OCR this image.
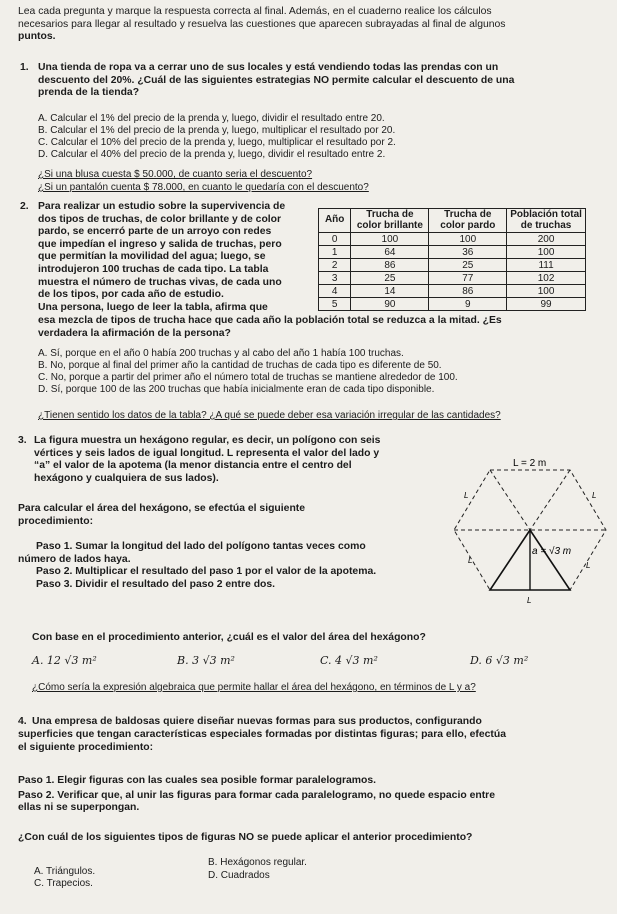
Lea cada pregunta y marque la respuesta correcta al final. Además, en el cuaderno realice los cálculos
necesarios para llegar al resultado y resuelva las cuestiones que aparecen subrayadas al final de algunos
puntos.
1. Una tienda de ropa va a cerrar uno de sus locales y está vendiendo todas las prendas con un
descuento del 20%. ¿Cuál de las siguientes estrategias NO permite calcular el descuento de una
prenda de la tienda?
A. Calcular el 1% del precio de la prenda y, luego, dividir el resultado entre 20.
B. Calcular el 1% del precio de la prenda y, luego, multiplicar el resultado por 20.
C. Calcular el 10% del precio de la prenda y, luego, multiplicar el resultado por 2.
D. Calcular el 40% del precio de la prenda y, luego, dividir el resultado entre 2.
¿Si una blusa cuesta $ 50.000, de cuanto seria el descuento?
¿Si un pantalón cuenta $ 78.000, en cuanto le quedaría con el descuento?
2. Para realizar un estudio sobre la supervivencia de
dos tipos de truchas, de color brillante y de color
pardo, se encerró parte de un arroyo con redes
que impedían el ingreso y salida de truchas, pero
que permitían la movilidad del agua; luego, se
introdujeron 100 truchas de cada tipo. La tabla
muestra el número de truchas vivas, de cada uno
de los tipos, por cada año de estudio.
Año	Trucha de color brillante	Trucha de color pardo	Población total de truchas
0	100	100	200
1	64	36	100
2	86	25	111
3	25	77	102
4	14	86	100
5	90	9	99
Una persona, luego de leer la tabla, afirma que
esa mezcla de tipos de trucha hace que cada año la población total se reduzca a la mitad. ¿Es
verdadera la afirmación de la persona?
A. Sí, porque en el año 0 había 200 truchas y al cabo del año 1 había 100 truchas.
B. No, porque al final del primer año la cantidad de truchas de cada tipo es diferente de 50.
C. No, porque a partir del primer año el número total de truchas se mantiene alrededor de 100.
D. Sí, porque 100 de las 200 truchas que había inicialmente eran de cada tipo disponible.
¿Tienen sentido los datos de la tabla? ¿A qué se puede deber esa variación irregular de las cantidades?
3. La figura muestra un hexágono regular, es decir, un polígono con seis
vértices y seis lados de igual longitud. L representa el valor del lado y
“a” el valor de la apotema (la menor distancia entre el centro del
hexágono y cualquiera de sus lados).
Para calcular el área del hexágono, se efectúa el siguiente
procedimiento:
Paso 1. Sumar la longitud del lado del polígono tantas veces como
número de lados haya.
Paso 2. Multiplicar el resultado del paso 1 por el valor de la apotema.
Paso 3. Dividir el resultado del paso 2 entre dos.
L = 2 m
a = √3 m
L	L
L
L
L
Con base en el procedimiento anterior, ¿cuál es el valor del área del hexágono?
A. 12 √3 m²	B. 3 √3 m²	C. 4 √3 m²	D. 6 √3 m²
¿Cómo sería la expresión algebraica que permite hallar el área del hexágono, en términos de L y a?
4. Una empresa de baldosas quiere diseñar nuevas formas para sus productos, configurando
superficies que tengan características especiales formadas por distintas figuras; para ello, efectúa
el siguiente procedimiento:
Paso 1. Elegir figuras con las cuales sea posible formar paralelogramos.
Paso 2. Verificar que, al unir las figuras para formar cada paralelogramo, no quede espacio entre
ellas ni se superpongan.
¿Con cuál de los siguientes tipos de figuras NO se puede aplicar el anterior procedimiento?
A. Triángulos.
B. Hexágonos regular.
C. Trapecios.
D. Cuadrados
